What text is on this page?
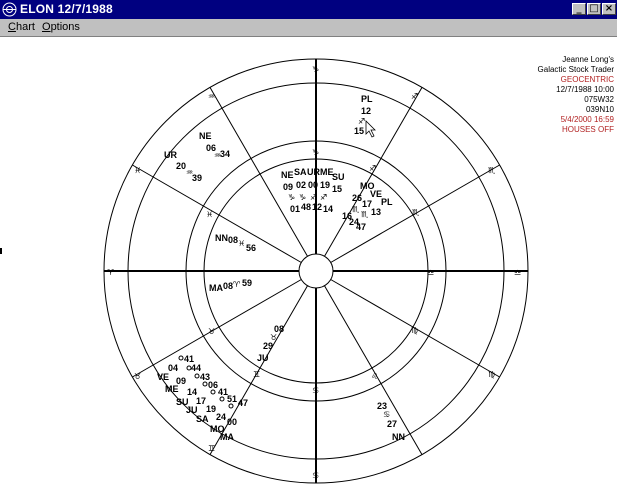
ELON 12/7/1988	_ □ ×
Chart Options
Jeanne Long's
Galactic Stock Trader
GEOCENTRIC
12/7/1988 10:00
075W32
039N10
5/4/2000 16:59
HOUSES OFF
♑
♐
♏
♎
♍
♌
♋
♊
♉
♈
♓
♒
♑
♐
♏
♎
♍
♋
♊
♉
♓
PL
12
♐
15
NE
06
♒
34
UR
20
♒
39
23
♋
27
NN
41
04 44
VE	43
09
ME	06
14 41
SU 17 51
JU 19
47
SA 24 00
MO
MA
NE SA UR ME
SU
09 02 00 19 15
♑ ♑ ♐ ♐
01 48 12 14
MO
VE
PL
26
17
13
16
♏
♏
24
47
NN 08 ♓ 56
MA 08 ♈ 59
08
♉
29
JU
